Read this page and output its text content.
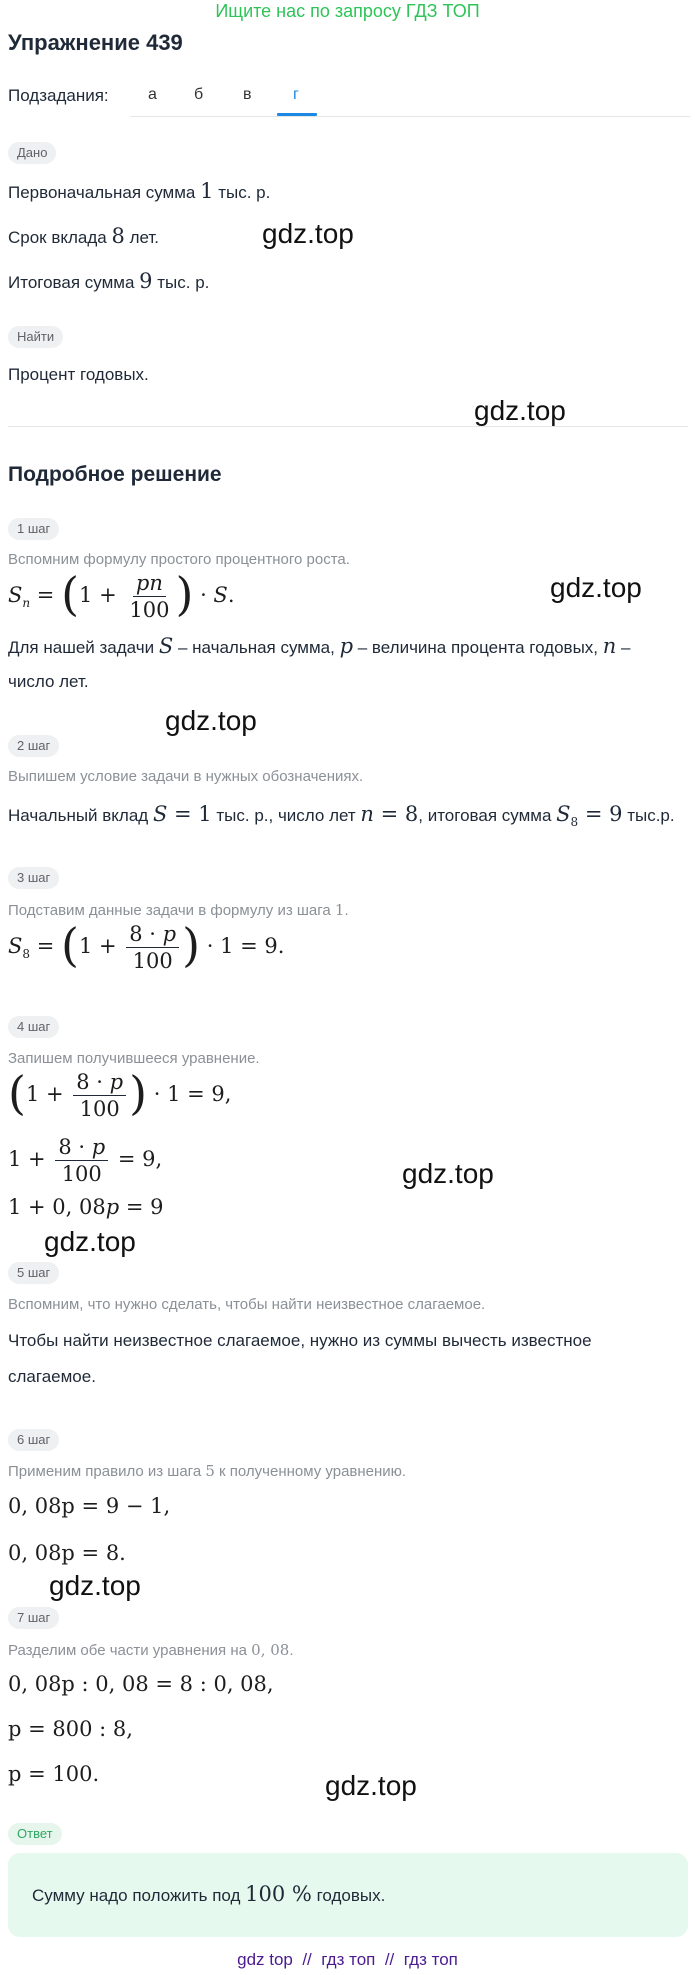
Ищите нас по запросу ГДЗ ТОП
Упражнение 439
Подзадания: а б в	г
Дано
Первоначальная сумма 1 тыс. р.
Срок вклада 8 лет.
Итоговая сумма 9 тыс. р.
Найти
Процент годовых.
Подробное решение
1 шаг
Вспомним формулу простого процентного роста.
$S_n = (1 + \frac{pn}{100}$ ) · S.
Для нашей задачи S – начальная сумма, p – величина процента годовых, n –
число лет.
2 шаг
Выпишем условие задачи в нужных обозначениях.
Начальный вклад S = 1 тыс. р., число лет n = 8, итоговая сумма $S_8 = 9$ тыс.р.
3 шаг
Подставим данные задачи в формулу из шага 1.
$S_8 = (1 + \frac{8 \cdot p}{100}$ ) · 1 = 9.
4 шаг
Запишем получившееся уравнение.
($1 + \frac{8 \cdot p}{100}$ ) · 1 = 9,
$1 + \frac{8 \cdot p}{100} = 9$,
1 + 0, 08p = 9
5 шаг
Вспомним, что нужно сделать, чтобы найти неизвестное слагаемое.
Чтобы найти неизвестное слагаемое, нужно из суммы вычесть известное
слагаемое.
6 шаг
Применим правило из шага 5 к полученному уравнению.
0, 08p = 9 − 1,
0, 08p = 8.
7 шаг
Разделим обе части уравнения на 0, 08.
0, 08p : 0, 08 = 8 : 0, 08,
p = 800 : 8,
p = 100.
Ответ
Сумму надо положить под 100 % годовых.
gdz.top
gdz.top
gdz.top
gdz.top
gdz.top
gdz.top
gdz.top
gdz.top
gdz top // гдз топ // гдз топ
